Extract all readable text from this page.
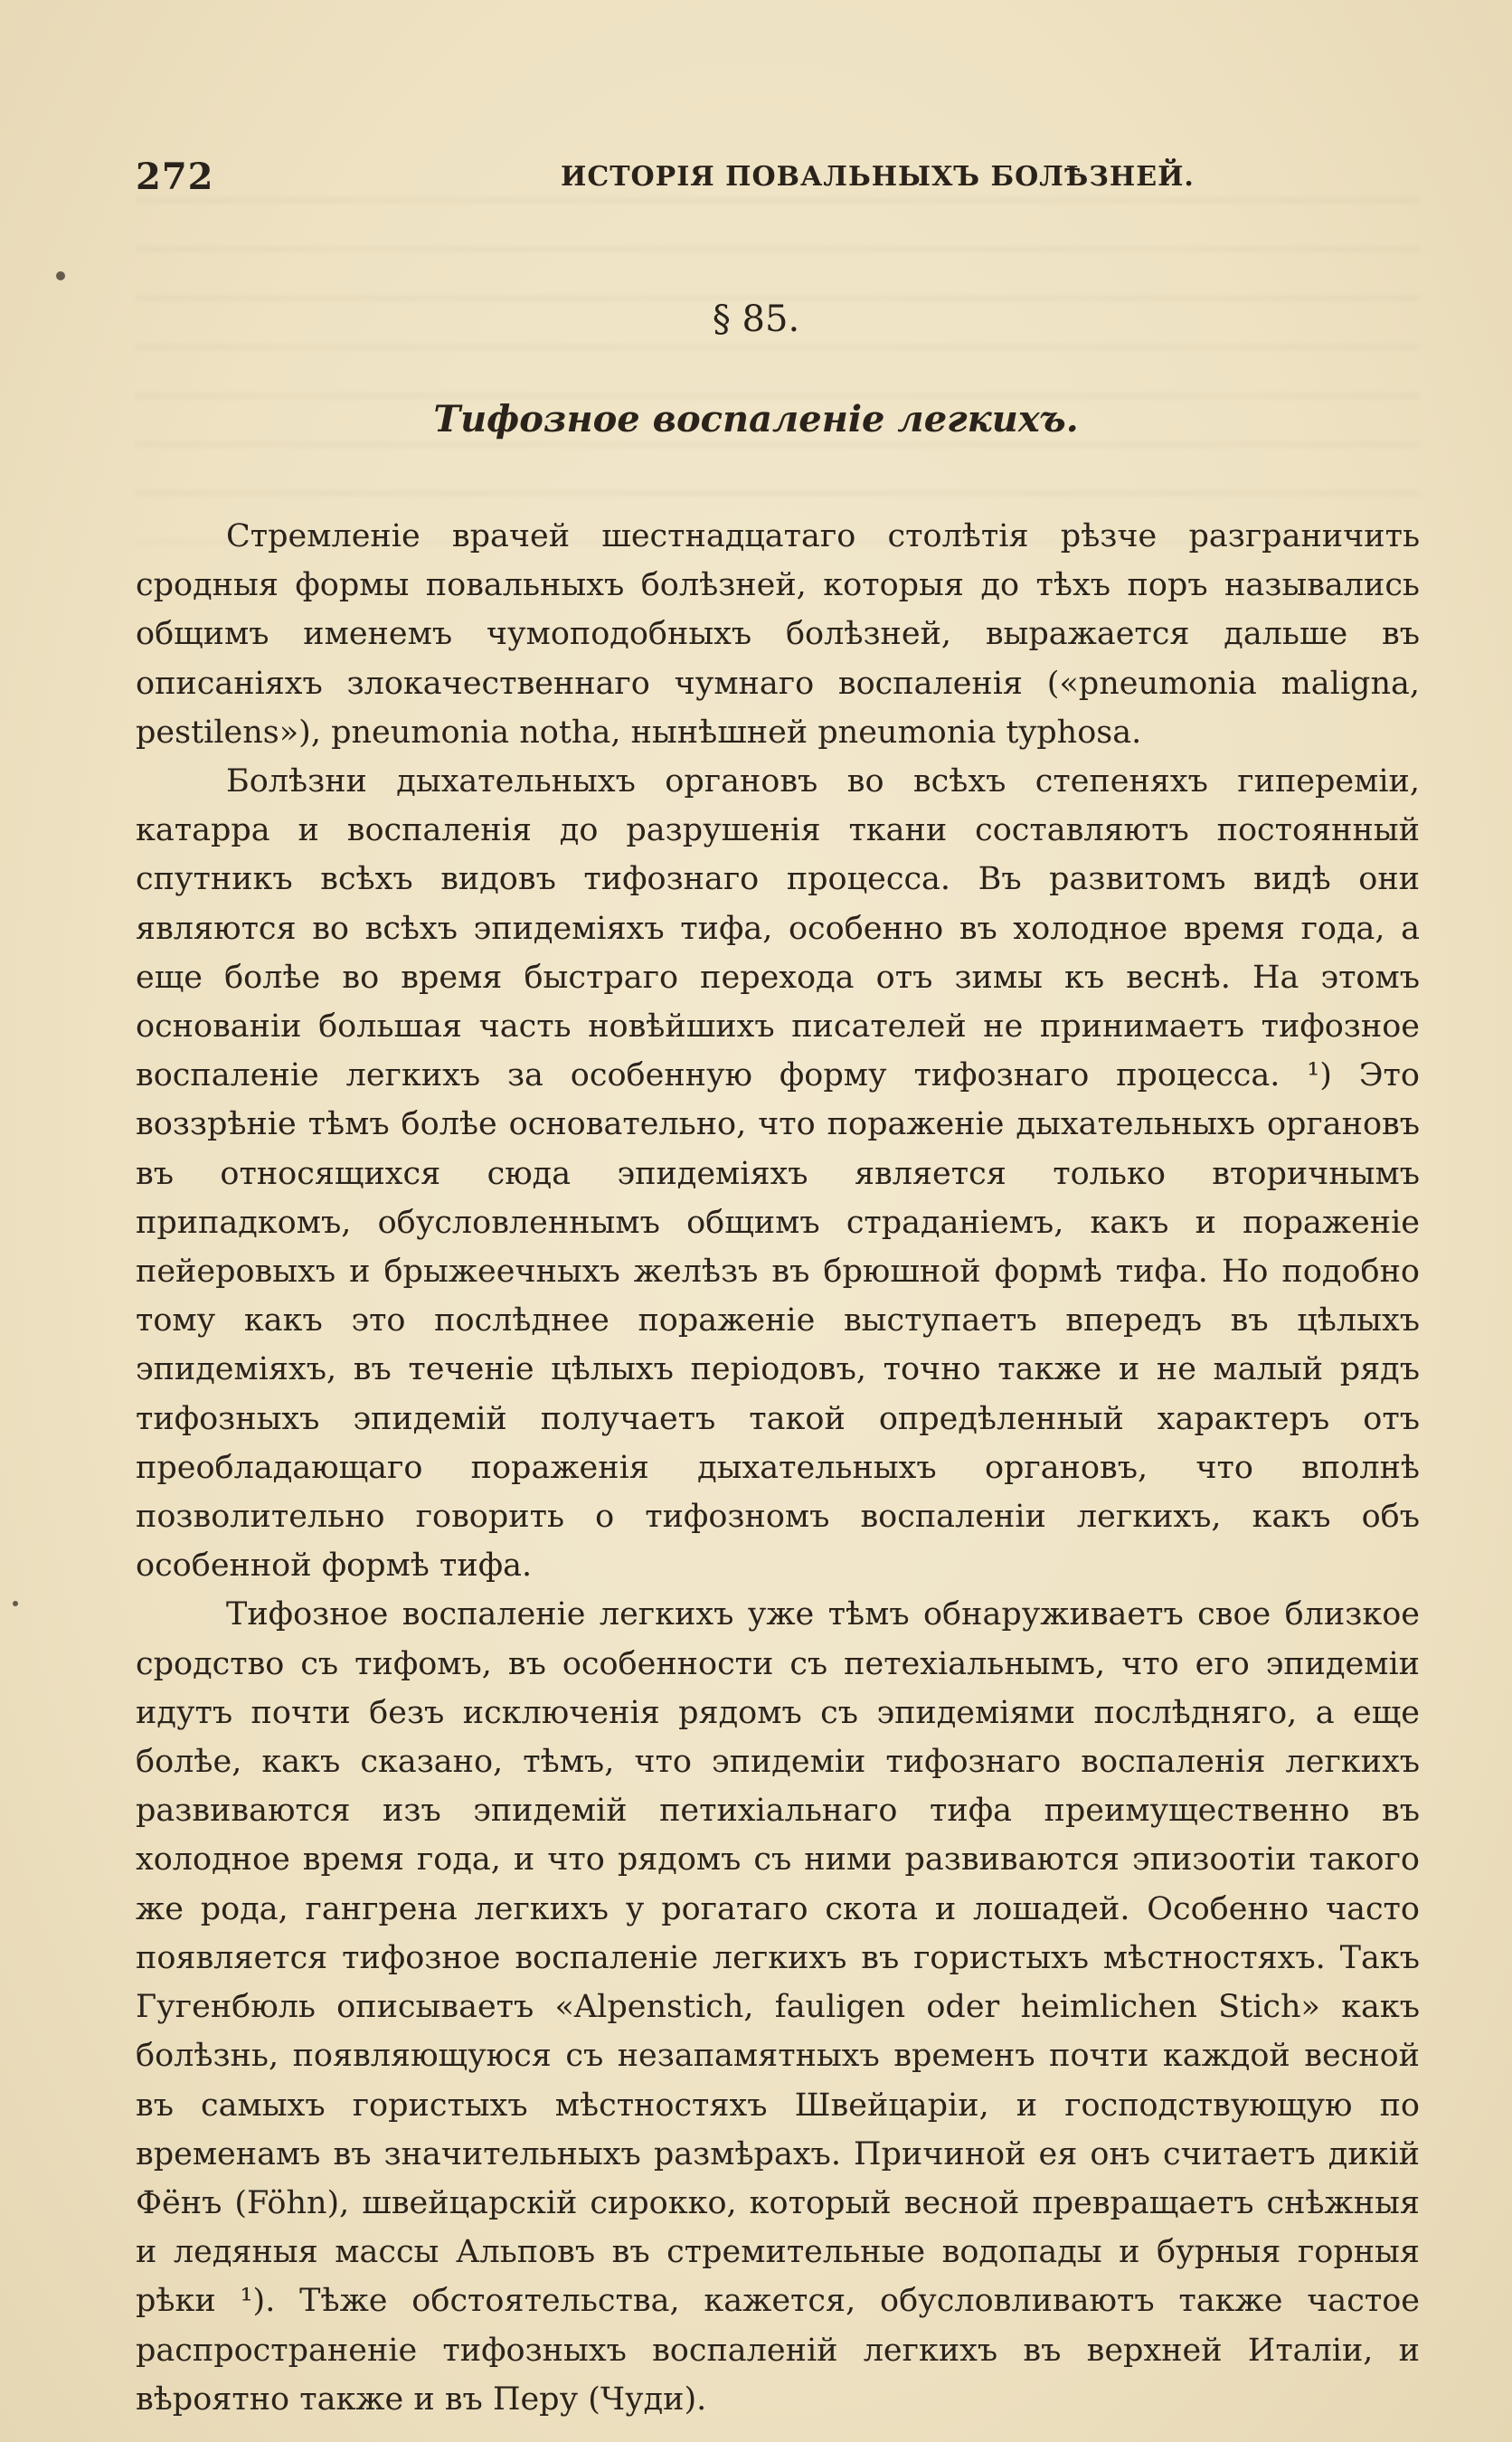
272	ИСТОРІЯ ПОВАЛЬНЫХЪ БОЛѢЗНЕЙ.
§ 85.
Тифозное воспаленіе легкихъ.

Стремленіе врачей шестнадцатаго столѣтія рѣзче разграничить сродныя формы повальныхъ болѣзней, которыя до тѣхъ поръ назывались общимъ именемъ чумоподобныхъ болѣзней, выражается дальше въ описаніяхъ злокачественнаго чумнаго воспаленія («pneumonia maligna, pestilens»), pneumonia notha, нынѣшней pneumonia typhosa.

Болѣзни дыхательныхъ органовъ во всѣхъ степеняхъ гипереміи, катарра и воспаленія до разрушенія ткани составляютъ постоянный спутникъ всѣхъ видовъ тифознаго процесса. Въ развитомъ видѣ они являются во всѣхъ эпидеміяхъ тифа, особенно въ холодное время года, а еще болѣе во время быстраго перехода отъ зимы къ веснѣ. На этомъ основаніи большая часть новѣйшихъ писателей не принимаетъ тифозное воспаленіе легкихъ за особенную форму тифознаго процесса. ¹) Это воззрѣніе тѣмъ болѣе основательно, что пораженіе дыхательныхъ органовъ въ относящихся сюда эпидеміяхъ является только вторичнымъ припадкомъ, обусловленнымъ общимъ страданіемъ, какъ и пораженіе пейеровыхъ и брыжеечныхъ желѣзъ въ брюшной формѣ тифа. Но подобно тому какъ это послѣднее пораженіе выступаетъ впередъ въ цѣлыхъ эпидеміяхъ, въ теченіе цѣлыхъ періодовъ, точно также и не малый рядъ тифозныхъ эпидемій получаетъ такой опредѣленный характеръ отъ преобладающаго пораженія дыхательныхъ органовъ, что вполнѣ позволительно говорить о тифозномъ воспаленіи легкихъ, какъ объ особенной формѣ тифа.

Тифозное воспаленіе легкихъ уже тѣмъ обнаруживаетъ свое близкое сродство съ тифомъ, въ особенности съ петехіальнымъ, что его эпидеміи идутъ почти безъ исключенія рядомъ съ эпидеміями послѣдняго, а еще болѣе, какъ сказано, тѣмъ, что эпидеміи тифознаго воспаленія легкихъ развиваются изъ эпидемій петихіальнаго тифа преимущественно въ холодное время года, и что рядомъ съ ними развиваются эпизоотіи такого же рода, гангрена легкихъ у рогатаго скота и лошадей. Особенно часто появляется тифозное воспаленіе легкихъ въ гористыхъ мѣстностяхъ. Такъ Гугенбюль описываетъ «Alpenstich, fauligen oder heimlichen Stich» какъ болѣзнь, появляющуюся съ незапамятныхъ временъ почти каждой весной въ самыхъ гористыхъ мѣстностяхъ Швейцаріи, и господствующую по временамъ въ значительныхъ размѣрахъ. Причиной ея онъ считаетъ дикій Фёнъ (Föhn), швейцарскій сирокко, который весной превращаетъ снѣжныя и ледяныя массы Альповъ въ стремительные водопады и бурныя горныя рѣки ¹). Тѣже обстоятельства, кажется, обусловливаютъ также частое распространеніе тифозныхъ воспаленій легкихъ въ верхней Италіи, и вѣроятно также и въ Перу (Чуди).
